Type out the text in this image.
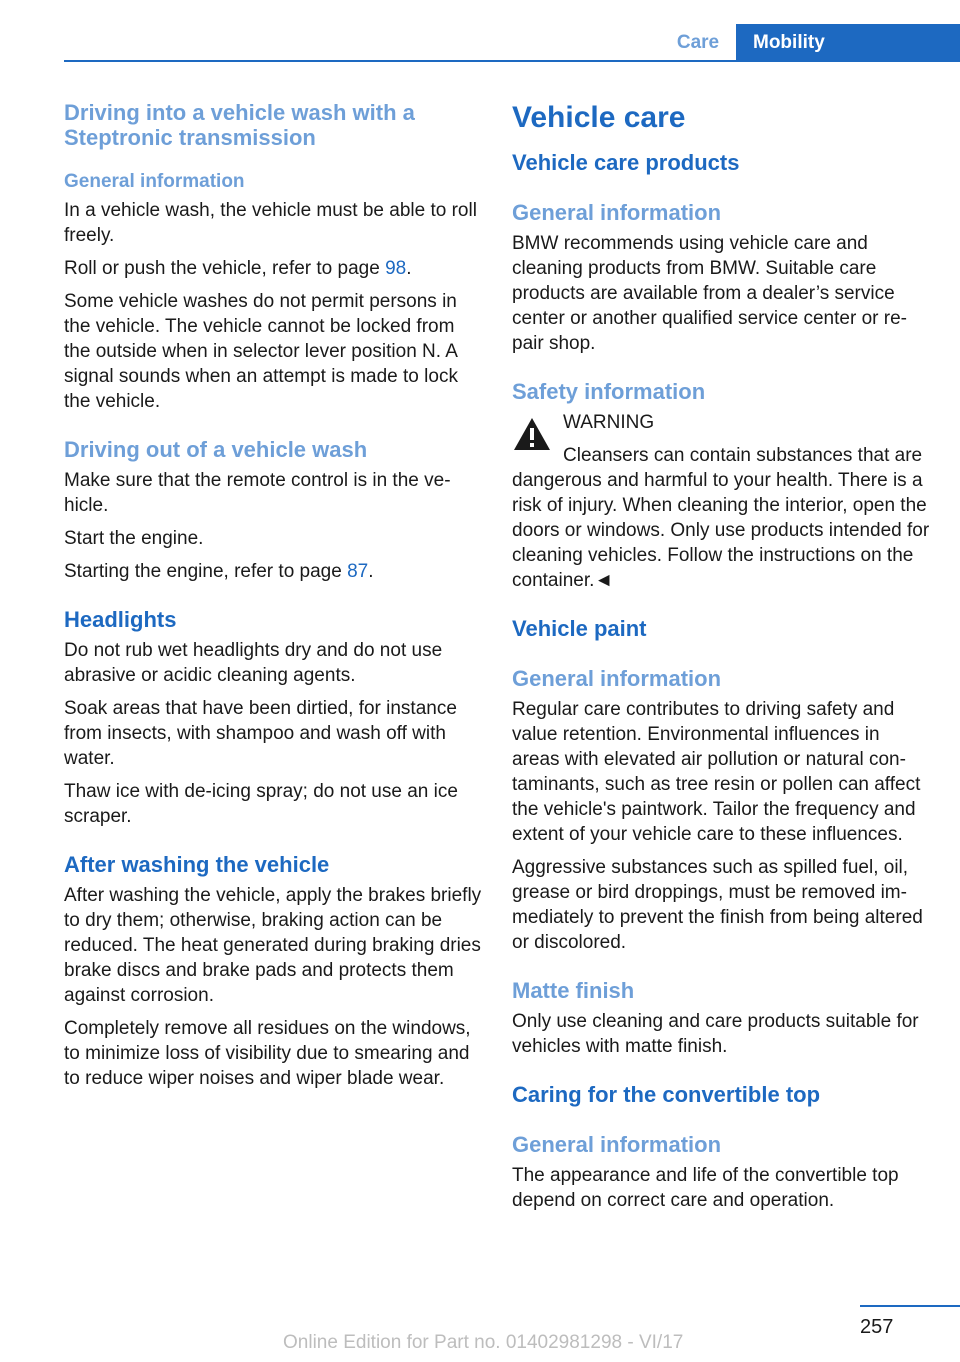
Care	Mobility
Driving into a vehicle wash with a Steptronic transmission
General information

In a vehicle wash, the vehicle must be able to roll freely.

Roll or push the vehicle, refer to page 98.

Some vehicle washes do not permit persons in the vehicle. The vehicle cannot be locked from the outside when in selector lever position N. A signal sounds when an attempt is made to lock the vehicle.

Driving out of a vehicle wash

Make sure that the remote control is in the vehicle.

Start the engine.

Starting the engine, refer to page 87.

Headlights

Do not rub wet headlights dry and do not use abrasive or acidic cleaning agents.

Soak areas that have been dirtied, for instance from insects, with shampoo and wash off with water.

Thaw ice with de-icing spray; do not use an ice scraper.

After washing the vehicle

After washing the vehicle, apply the brakes briefly to dry them; otherwise, braking action can be reduced. The heat generated during braking dries brake discs and brake pads and protects them against corrosion.

Completely remove all residues on the windows, to minimize loss of visibility due to smearing and to reduce wiper noises and wiper blade wear.

Vehicle care
Vehicle care products
General information

BMW recommends using vehicle care and cleaning products from BMW. Suitable care products are available from a dealer’s service center or another qualified service center or repair shop.

Safety information

WARNING

Cleansers can contain substances that are dangerous and harmful to your health. There is a risk of injury. When cleaning the interior, open the doors or windows. Only use products intended for cleaning vehicles. Follow the instructions on the container.◄

Vehicle paint
General information

Regular care contributes to driving safety and value retention. Environmental influences in areas with elevated air pollution or natural contaminants, such as tree resin or pollen can affect the vehicle's paintwork. Tailor the frequency and extent of your vehicle care to these influences.

Aggressive substances such as spilled fuel, oil, grease or bird droppings, must be removed immediately to prevent the finish from being altered or discolored.

Matte finish

Only use cleaning and care products suitable for vehicles with matte finish.

Caring for the convertible top
General information

The appearance and life of the convertible top depend on correct care and operation.

257
Online Edition for Part no. 01402981298 - VI/17
